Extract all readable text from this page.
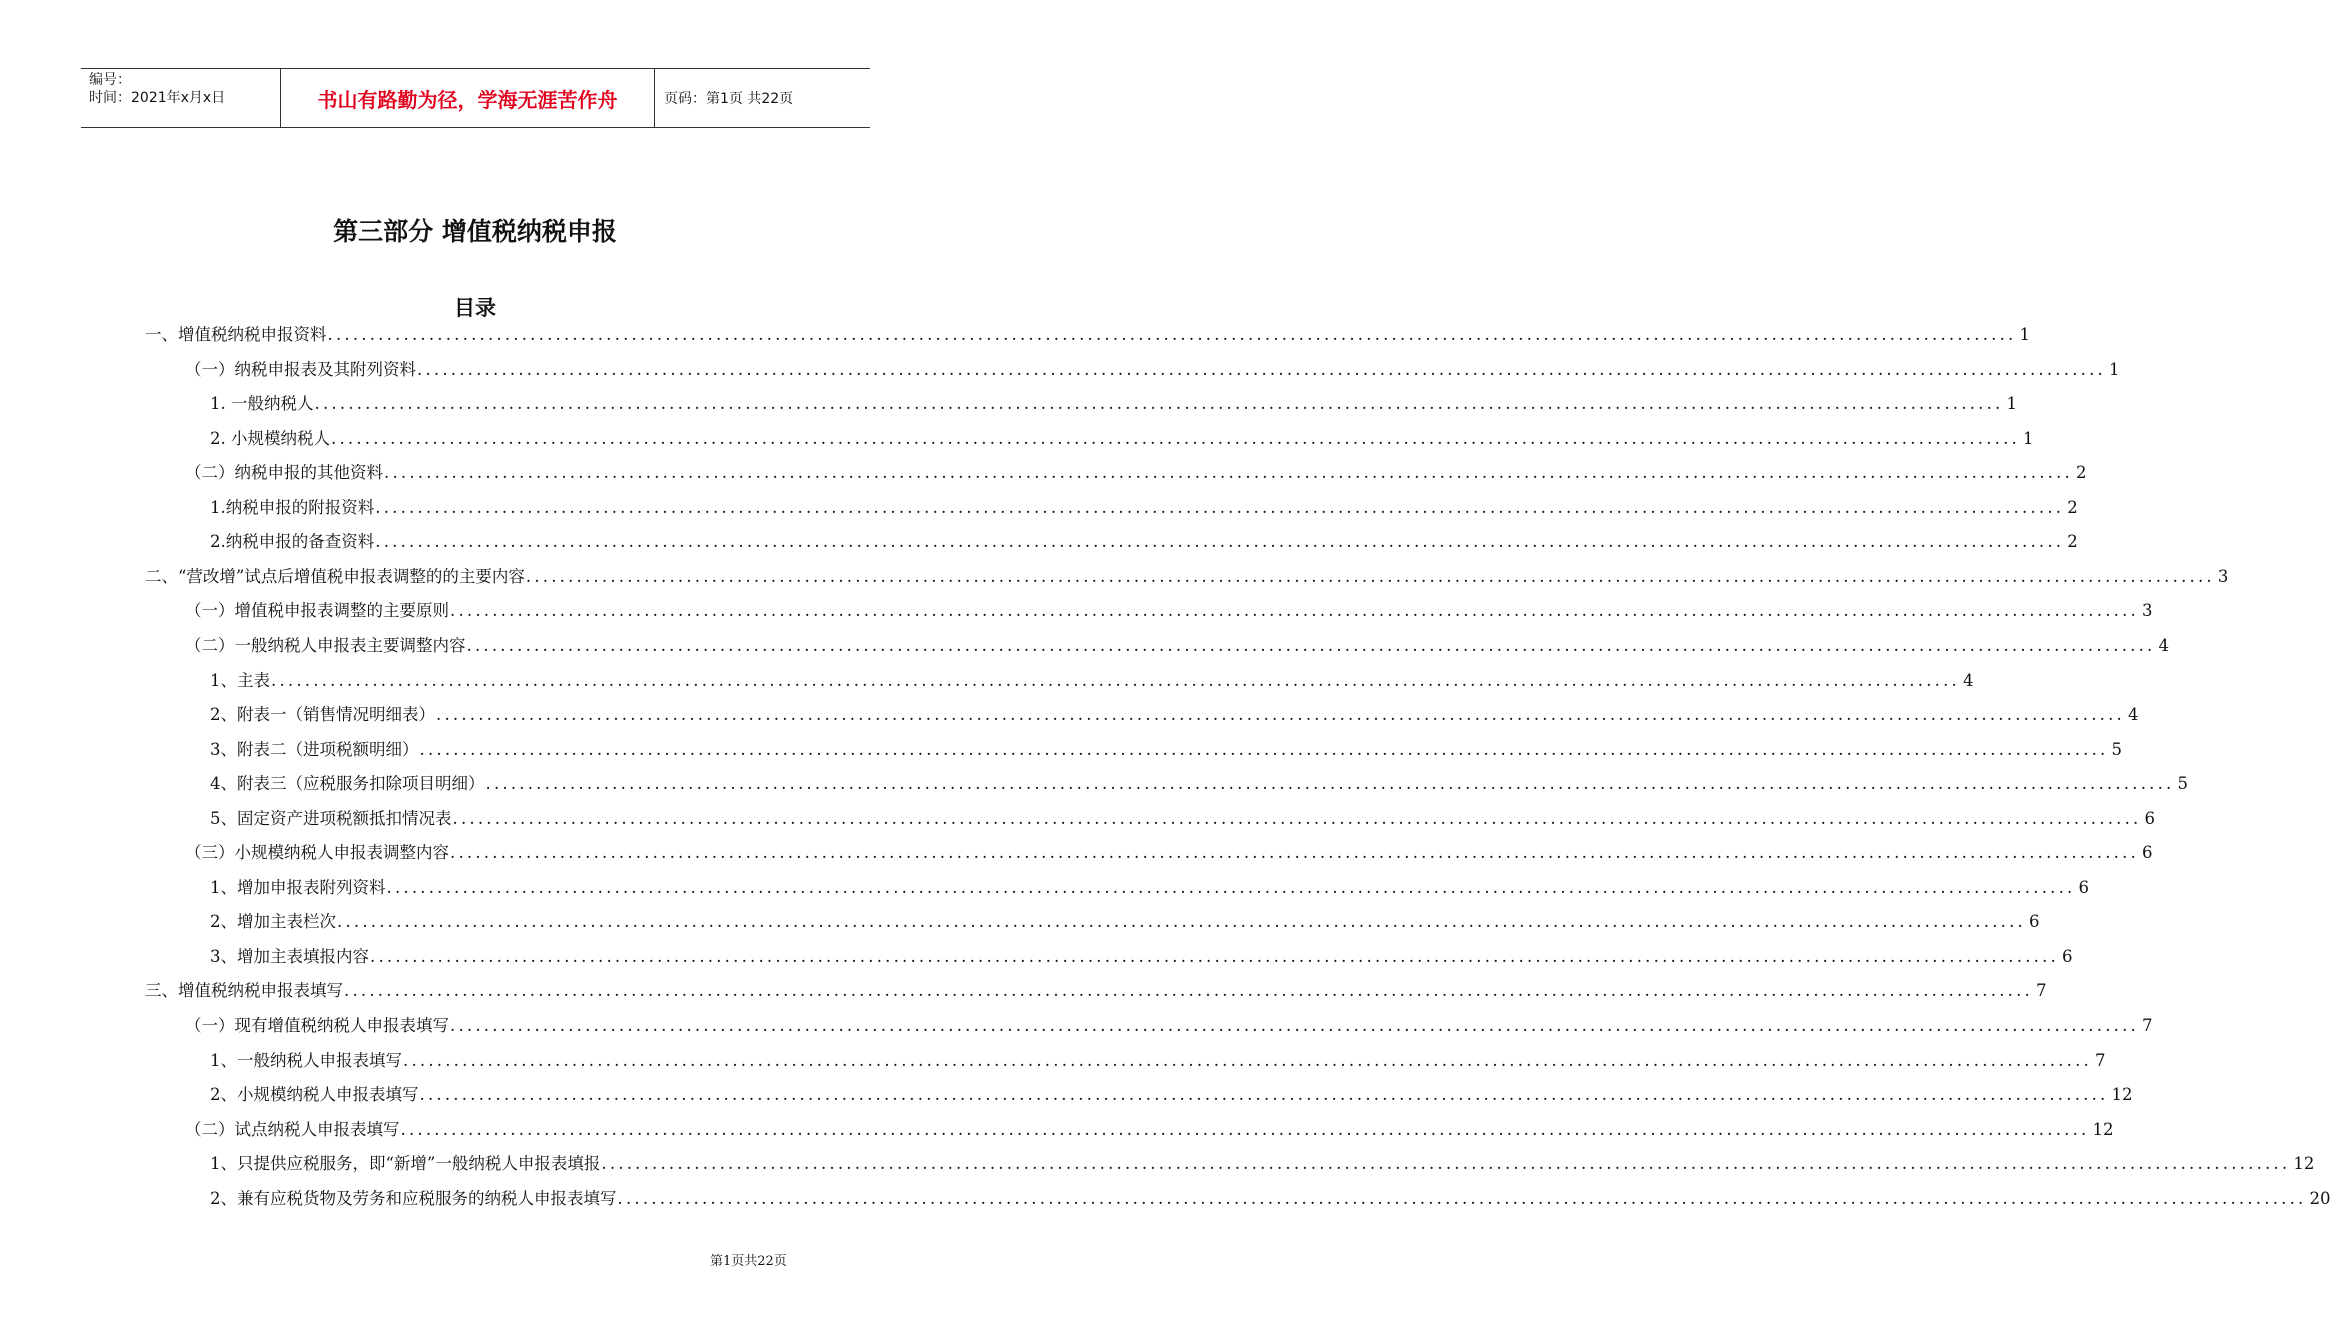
编号：
时间：2021年x月x日	书山有路勤为径，学海无涯苦作舟	页码：第1页 共22页
第三部分 增值税纳税申报
目录
一、增值税纳税申报资料 ........................................................................................................................................................................................................ 1
（一）纳税申报表及其附列资料 ........................................................................................................................................................................................................ 1
1. 一般纳税人 ........................................................................................................................................................................................................ 1
2. 小规模纳税人 ........................................................................................................................................................................................................ 1
（二）纳税申报的其他资料 ........................................................................................................................................................................................................ 2
1.纳税申报的附报资料 ........................................................................................................................................................................................................ 2
2.纳税申报的备查资料 ........................................................................................................................................................................................................ 2
二、“营改增”试点后增值税申报表调整的的主要内容 ........................................................................................................................................................................................................ 3
（一）增值税申报表调整的主要原则 ........................................................................................................................................................................................................ 3
（二）一般纳税人申报表主要调整内容 ........................................................................................................................................................................................................ 4
1、主表 ........................................................................................................................................................................................................ 4
2、附表一（销售情况明细表） ........................................................................................................................................................................................................ 4
3、附表二（进项税额明细） ........................................................................................................................................................................................................ 5
4、附表三（应税服务扣除项目明细） ........................................................................................................................................................................................................ 5
5、固定资产进项税额抵扣情况表 ........................................................................................................................................................................................................ 6
（三）小规模纳税人申报表调整内容 ........................................................................................................................................................................................................ 6
1、增加申报表附列资料 ........................................................................................................................................................................................................ 6
2、增加主表栏次 ........................................................................................................................................................................................................ 6
3、增加主表填报内容 ........................................................................................................................................................................................................ 6
三、增值税纳税申报表填写 ........................................................................................................................................................................................................ 7
（一）现有增值税纳税人申报表填写 ........................................................................................................................................................................................................ 7
1、一般纳税人申报表填写 ........................................................................................................................................................................................................ 7
2、小规模纳税人申报表填写 ........................................................................................................................................................................................................ 12
（二）试点纳税人申报表填写 ........................................................................................................................................................................................................ 12
1、只提供应税服务，即“新增”一般纳税人申报表填报 ........................................................................................................................................................................................................ 12
2、兼有应税货物及劳务和应税服务的纳税人申报表填写 ........................................................................................................................................................................................................ 20
第1页共22页
